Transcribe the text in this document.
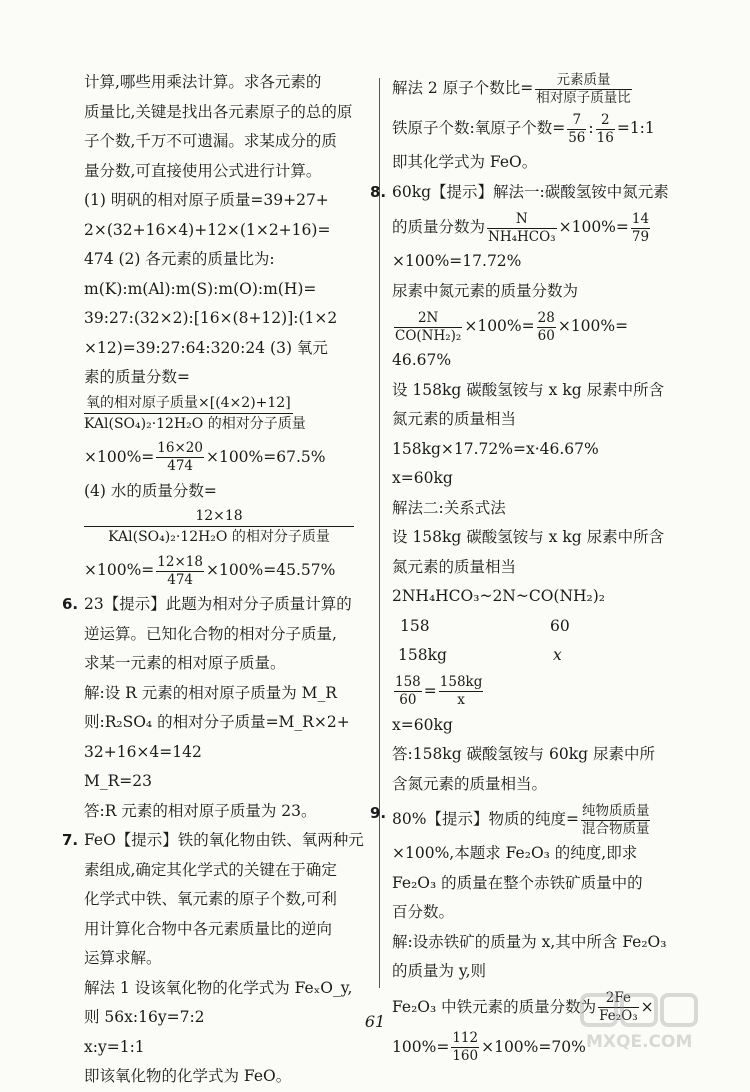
计算,哪些用乘法计算。求各元素的
质量比,关键是找出各元素原子的总的原
子个数,千万不可遗漏。求某成分的质
量分数,可直接使用公式进行计算。
(1) 明矾的相对原子质量=39+27+
2×(32+16×4)+12×(1×2+16)=
474 (2) 各元素的质量比为:
m(K):m(Al):m(S):m(O):m(H)=
39:27:(32×2):[16×(8+12)]:(1×2
×12)=39:27:64:320:24 (3) 氧元
素的质量分数=
氧的相对原子质量×[(4×2)+12]
KAl(SO₄)₂·12H₂O 的相对分子质量
$\times 100\%= \frac{16\times 20}{474} \times 100\%=67.5\%$
(4) 水的质量分数=
12×18
KAl(SO₄)₂·12H₂O 的相对分子质量
$\times 100\%= \frac{12\times 18}{474} \times 100\%=45.57\%$
6. 23【提示】此题为相对分子质量计算的
逆运算。已知化合物的相对分子质量,
求某一元素的相对原子质量。
解:设 R 元素的相对原子质量为 M_R
则:R₂SO₄ 的相对分子质量=M_R×2+
32+16×4=142
M_R=23
答:R 元素的相对原子质量为 23。
7. FeO【提示】铁的氧化物由铁、氧两种元
素组成,确定其化学式的关键在于确定
化学式中铁、氧元素的原子个数,可利
用计算化合物中各元素质量比的逆向
运算求解。
解法 1 设该氧化物的化学式为 FeₓO_y,
则 56x:16y=7:2
x:y=1:1
即该氧化物的化学式为 FeO。
解法 2 原子个数比= $\frac{\text{元素质量}}{\text{相对原子质量比}}$
铁原子个数:氧原子个数= $\frac{7}{56}$ : $\frac{2}{16}$ =1:1
即其化学式为 FeO。
8. 60kg【提示】解法一:碳酸氢铵中氮元素
的质量分数为 $\frac{N}{\text{NH₄HCO₃}} \times 100\%= \frac{14}{79}$
×100%=17.72%
尿素中氮元素的质量分数为
$\frac{2N}{\text{CO(NH₂)₂}} \times 100\%= \frac{28}{60} \times 100\%=$
46.67%
设 158kg 碳酸氢铵与 x kg 尿素中所含
氮元素的质量相当
158kg×17.72%=x·46.67%
x=60kg
解法二:关系式法
设 158kg 碳酸氢铵与 x kg 尿素中所含
氮元素的质量相当
2NH₄HCO₃~2N~CO(NH₂)₂
158	60
158kg	x
$\frac{158}{60} = \frac{158kg}{x}$
x=60kg
答:158kg 碳酸氢铵与 60kg 尿素中所
含氮元素的质量相当。
9. 80%【提示】物质的纯度= $\frac{\text{纯物质质量}}{\text{混合物质量}}$
×100%,本题求 Fe₂O₃ 的纯度,即求
Fe₂O₃ 的质量在整个赤铁矿质量中的
百分数。
解:设赤铁矿的质量为 x,其中所含 Fe₂O₃
的质量为 y,则
Fe₂O₃ 中铁元素的质量分数为 $\frac{2Fe}{\text{Fe₂O₃}}$ ×
$100\%= \frac{112}{160} \times 100\%=70\%$
61
MXQE.COM
